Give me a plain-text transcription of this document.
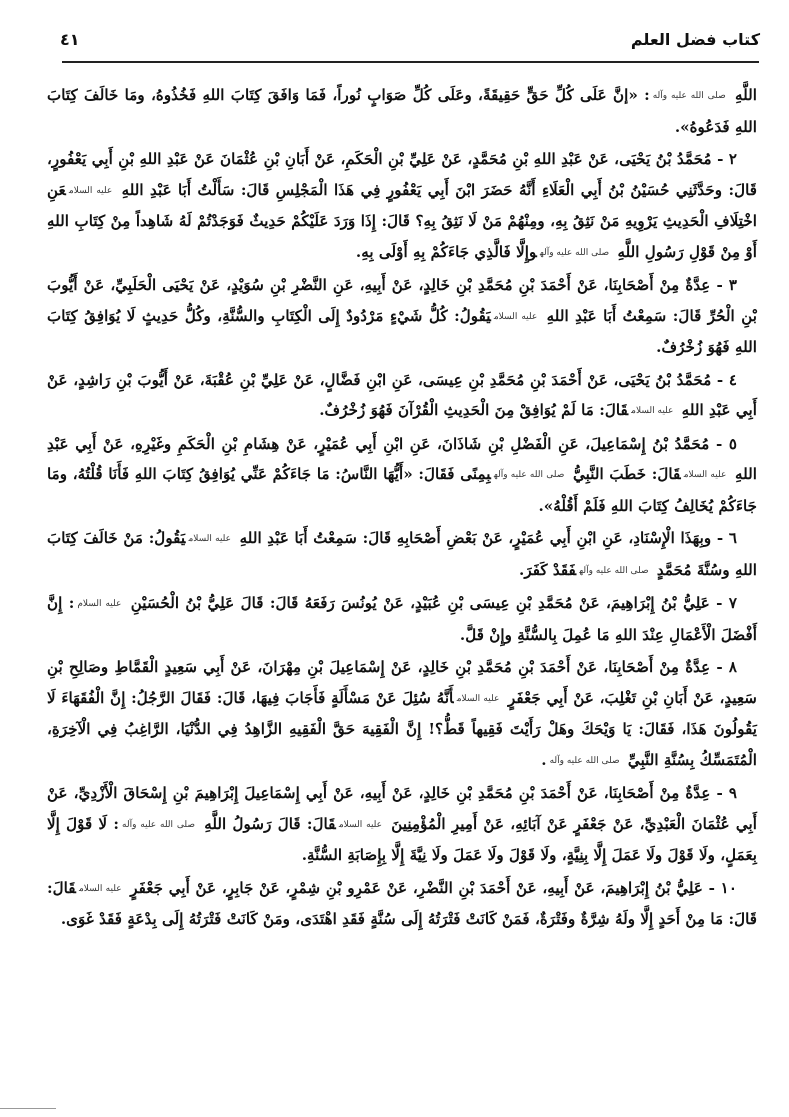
كتاب فضل العلم
٤١

اللَّهِ صلى الله عليه وآله: «إنَّ عَلَى كُلِّ حَقٍّ حَقِيقَةً، وعَلَى كُلِّ صَوَابٍ نُوراً، فَمَا وَافَقَ كِتَابَ اللهِ فَخُذُوهُ، ومَا خَالَفَ كِتَابَ اللهِ فَدَعُوهُ».

٢ - مُحَمَّدُ بْنُ يَحْيَى، عَنْ عَبْدِ اللهِ بْنِ مُحَمَّدٍ، عَنْ عَلِيِّ بْنِ الْحَكَمِ، عَنْ أَبَانِ بْنِ عُثْمَانَ عَنْ عَبْدِ اللهِ بْنِ أَبِي يَعْفُورٍ، قَالَ: وحَدَّثَنِي حُسَيْنُ بْنُ أَبِي الْعَلَاءِ أَنَّهُ حَضَرَ ابْنَ أَبِي يَعْفُورٍ فِي هَذَا الْمَجْلِسِ قَالَ: سَأَلْتُ أَبَا عَبْدِ اللهِ عليه السلامعَنِ اخْتِلَافِ الْحَدِيثِ يَرْوِيهِ مَنْ نَثِقُ بِهِ، ومِنْهُمْ مَنْ لَا نَثِقُ بِهِ؟ قَالَ: إِذَا وَرَدَ عَلَيْكُمْ حَدِيثٌ فَوَجَدْتُمْ لَهُ شَاهِداً مِنْ كِتَابِ اللهِ أَوْ مِنْ قَوْلِ رَسُولِ اللَّهِ صلى الله عليه وآلهوإِلَّا فَالَّذِي جَاءَكُمْ بِهِ أَوْلَى بِهِ.

٣ - عِدَّةٌ مِنْ أَصْحَابِنَا، عَنْ أَحْمَدَ بْنِ مُحَمَّدِ بْنِ خَالِدٍ، عَنْ أَبِيهِ، عَنِ النَّضْرِ بْنِ سُوَيْدٍ، عَنْ يَحْيَى الْحَلَبِيِّ، عَنْ أَيُّوبَ بْنِ الْحُرِّ قَالَ: سَمِعْتُ أَبَا عَبْدِ اللهِ عليه السلاميَقُولُ: كُلُّ شَيْءٍ مَرْدُودٌ إِلَى الْكِتَابِ والسُّنَّةِ، وكُلُّ حَدِيثٍ لَا يُوَافِقُ كِتَابَ اللهِ فَهُوَ زُخْرُفٌ.

٤ - مُحَمَّدُ بْنُ يَحْيَى، عَنْ أَحْمَدَ بْنِ مُحَمَّدِ بْنِ عِيسَى، عَنِ ابْنِ فَضَّالٍ، عَنْ عَلِيِّ بْنِ عُقْبَةَ، عَنْ أَيُّوبَ بْنِ رَاشِدٍ، عَنْ أَبِي عَبْدِ اللهِ عليه السلامقَالَ: مَا لَمْ يُوَافِقْ مِنَ الْحَدِيثِ الْقُرْآنَ فَهُوَ زُخْرُفٌ.

٥ - مُحَمَّدُ بْنُ إِسْمَاعِيلَ، عَنِ الْفَضْلِ بْنِ شَاذَانَ، عَنِ ابْنِ أَبِي عُمَيْرٍ، عَنْ هِشَامِ بْنِ الْحَكَمِ وغَيْرِهِ، عَنْ أَبِي عَبْدِ اللهِ عليه السلامقَالَ: خَطَبَ النَّبِيُّ صلى الله عليه وآلهبِمِنًى فَقَالَ: «أَيُّهَا النَّاسُ: مَا جَاءَكُمْ عَنِّي يُوَافِقُ كِتَابَ اللهِ فَأَنَا قُلْتُهُ، ومَا جَاءَكُمْ يُخَالِفُ كِتَابَ اللهِ فَلَمْ أَقُلْهُ».

٦ - وبِهَذَا الْإِسْنَادِ، عَنِ ابْنِ أَبِي عُمَيْرٍ، عَنْ بَعْضِ أَصْحَابِهِ قَالَ: سَمِعْتُ أَبَا عَبْدِ اللهِ عليه السلاميَقُولُ: مَنْ خَالَفَ كِتَابَ اللهِ وسُنَّةَ مُحَمَّدٍ صلى الله عليه وآلهفَقَدْ كَفَرَ.

٧ - عَلِيُّ بْنُ إِبْرَاهِيمَ، عَنْ مُحَمَّدِ بْنِ عِيسَى بْنِ عُبَيْدٍ، عَنْ يُونُسَ رَفَعَهُ قَالَ: قَالَ عَلِيُّ بْنُ الْحُسَيْنِ عليه السلام: إِنَّ أَفْضَلَ الْأَعْمَالِ عِنْدَ اللهِ مَا عُمِلَ بِالسُّنَّةِ وإِنْ قَلَّ.

٨ - عِدَّةٌ مِنْ أَصْحَابِنَا، عَنْ أَحْمَدَ بْنِ مُحَمَّدِ بْنِ خَالِدٍ، عَنْ إِسْمَاعِيلَ بْنِ مِهْرَانَ، عَنْ أَبِي سَعِيدٍ الْقَمَّاطِ وصَالِحِ بْنِ سَعِيدٍ، عَنْ أَبَانِ بْنِ تَغْلِبَ، عَنْ أَبِي جَعْفَرٍ عليه السلامأَنَّهُ سُئِلَ عَنْ مَسْأَلَةٍ فَأَجَابَ فِيهَا، قَالَ: فَقَالَ الرَّجُلُ: إِنَّ الْفُقَهَاءَ لَا يَقُولُونَ هَذَا، فَقَالَ: يَا وَيْحَكَ وهَلْ رَأَيْتَ فَقِيهاً قَطُّ؟! إِنَّ الْفَقِيهَ حَقَّ الْفَقِيهِ الزَّاهِدُ فِي الدُّنْيَا، الرَّاغِبُ فِي الْآخِرَةِ، الْمُتَمَسِّكُ بِسُنَّةِ النَّبِيِّ صلى الله عليه وآله.

٩ - عِدَّةٌ مِنْ أَصْحَابِنَا، عَنْ أَحْمَدَ بْنِ مُحَمَّدِ بْنِ خَالِدٍ، عَنْ أَبِيهِ، عَنْ أَبِي إِسْمَاعِيلَ إِبْرَاهِيمَ بْنِ إِسْحَاقَ الْأَزْدِيِّ، عَنْ أَبِي عُثْمَانَ الْعَبْدِيِّ، عَنْ جَعْفَرٍ عَنْ آبَائِهِ، عَنْ أَمِيرِ الْمُؤْمِنِينَ عليه السلامقَالَ: قَالَ رَسُولُ اللَّهِ صلى الله عليه وآله: لَا قَوْلَ إِلَّا بِعَمَلٍ، ولَا قَوْلَ ولَا عَمَلَ إِلَّا بِنِيَّةٍ، ولَا قَوْلَ ولَا عَمَلَ ولَا نِيَّةَ إِلَّا بِإِصَابَةِ السُّنَّةِ.

١٠ - عَلِيُّ بْنُ إِبْرَاهِيمَ، عَنْ أَبِيهِ، عَنْ أَحْمَدَ بْنِ النَّضْرِ، عَنْ عَمْرِو بْنِ شِمْرٍ، عَنْ جَابِرٍ، عَنْ أَبِي جَعْفَرٍ عليه السلامقَالَ: قَالَ: مَا مِنْ أَحَدٍ إِلَّا ولَهُ شِرَّةٌ وفَتْرَةٌ، فَمَنْ كَانَتْ فَتْرَتُهُ إِلَى سُنَّةٍ فَقَدِ اهْتَدَى، ومَنْ كَانَتْ فَتْرَتُهُ إِلَى بِدْعَةٍ فَقَدْ غَوَى.
